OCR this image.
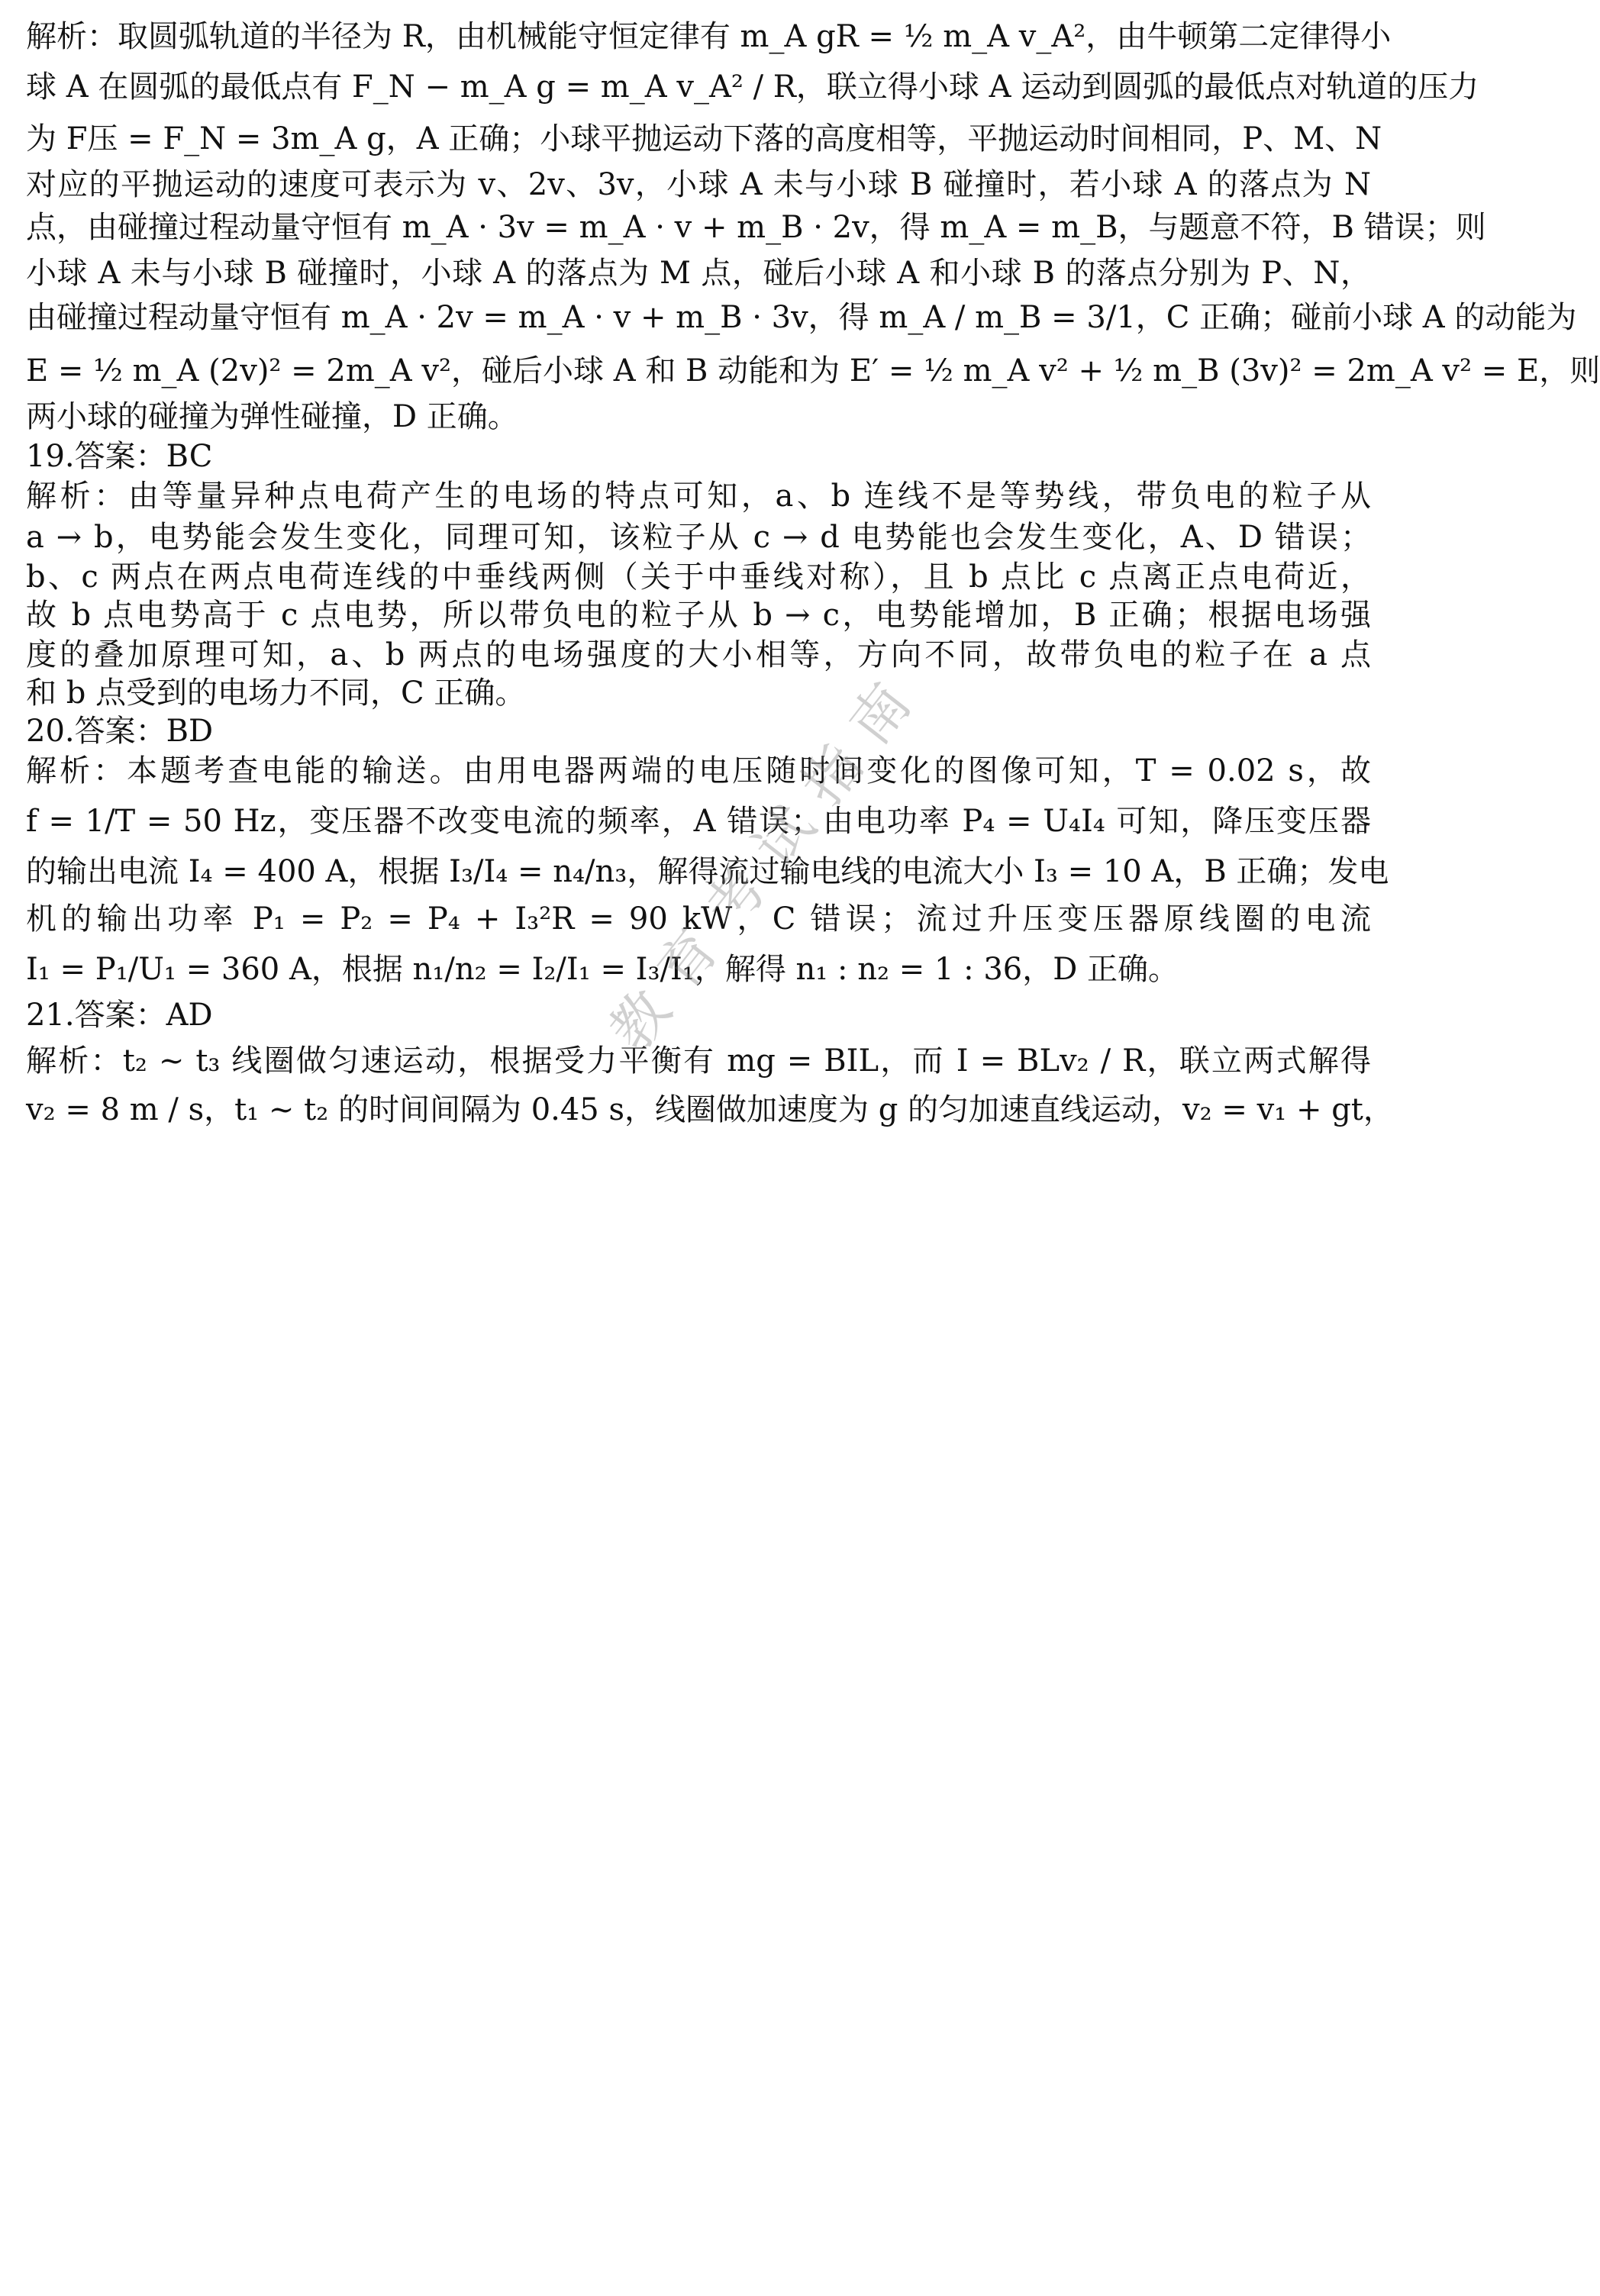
解析：取圆弧轨道的半径为 R，由机械能守恒定律有 m_A gR = ½ m_A v_A²，由牛顿第二定律得小
球 A 在圆弧的最低点有 F_N − m_A g = m_A v_A² / R，联立得小球 A 运动到圆弧的最低点对轨道的压力
为 F压 = F_N = 3m_A g，A 正确；小球平抛运动下落的高度相等，平抛运动时间相同，P、M、N
对应的平抛运动的速度可表示为 v、2v、3v，小球 A 未与小球 B 碰撞时，若小球 A 的落点为 N
点，由碰撞过程动量守恒有 m_A · 3v = m_A · v + m_B · 2v，得 m_A = m_B，与题意不符，B 错误；则
小球 A 未与小球 B 碰撞时，小球 A 的落点为 M 点，碰后小球 A 和小球 B 的落点分别为 P、N，
由碰撞过程动量守恒有 m_A · 2v = m_A · v + m_B · 3v，得 m_A / m_B = 3/1，C 正确；碰前小球 A 的动能为
E = ½ m_A (2v)² = 2m_A v²，碰后小球 A 和 B 动能和为 E′ = ½ m_A v² + ½ m_B (3v)² = 2m_A v² = E，则
两小球的碰撞为弹性碰撞，D 正确。
19.答案：BC
解析：由等量异种点电荷产生的电场的特点可知，a、b 连线不是等势线，带负电的粒子从
a → b，电势能会发生变化，同理可知，该粒子从 c → d 电势能也会发生变化，A、D 错误；
b、c 两点在两点电荷连线的中垂线两侧（关于中垂线对称），且 b 点比 c 点离正点电荷近，
故 b 点电势高于 c 点电势，所以带负电的粒子从 b → c，电势能增加，B 正确；根据电场强
度的叠加原理可知，a、b 两点的电场强度的大小相等，方向不同，故带负电的粒子在 a 点
和 b 点受到的电场力不同，C 正确。
20.答案：BD
解析：本题考查电能的输送。由用电器两端的电压随时间变化的图像可知，T = 0.02 s，故
f = 1/T = 50 Hz，变压器不改变电流的频率，A 错误；由电功率 P₄ = U₄I₄ 可知，降压变压器
的输出电流 I₄ = 400 A，根据 I₃/I₄ = n₄/n₃，解得流过输电线的电流大小 I₃ = 10 A，B 正确；发电
机的输出功率 P₁ = P₂ = P₄ + I₃²R = 90 kW，C 错误；流过升压变压器原线圈的电流
I₁ = P₁/U₁ = 360 A，根据 n₁/n₂ = I₂/I₁ = I₃/I₁，解得 n₁ : n₂ = 1 : 36，D 正确。
21.答案：AD
解析：t₂ ~ t₃ 线圈做匀速运动，根据受力平衡有 mg = BIL，而 I = BLv₂ / R，联立两式解得
v₂ = 8 m / s，t₁ ~ t₂ 的时间间隔为 0.45 s，线圈做加速度为 g 的匀加速直线运动，v₂ = v₁ + gt，
教育考试指南
